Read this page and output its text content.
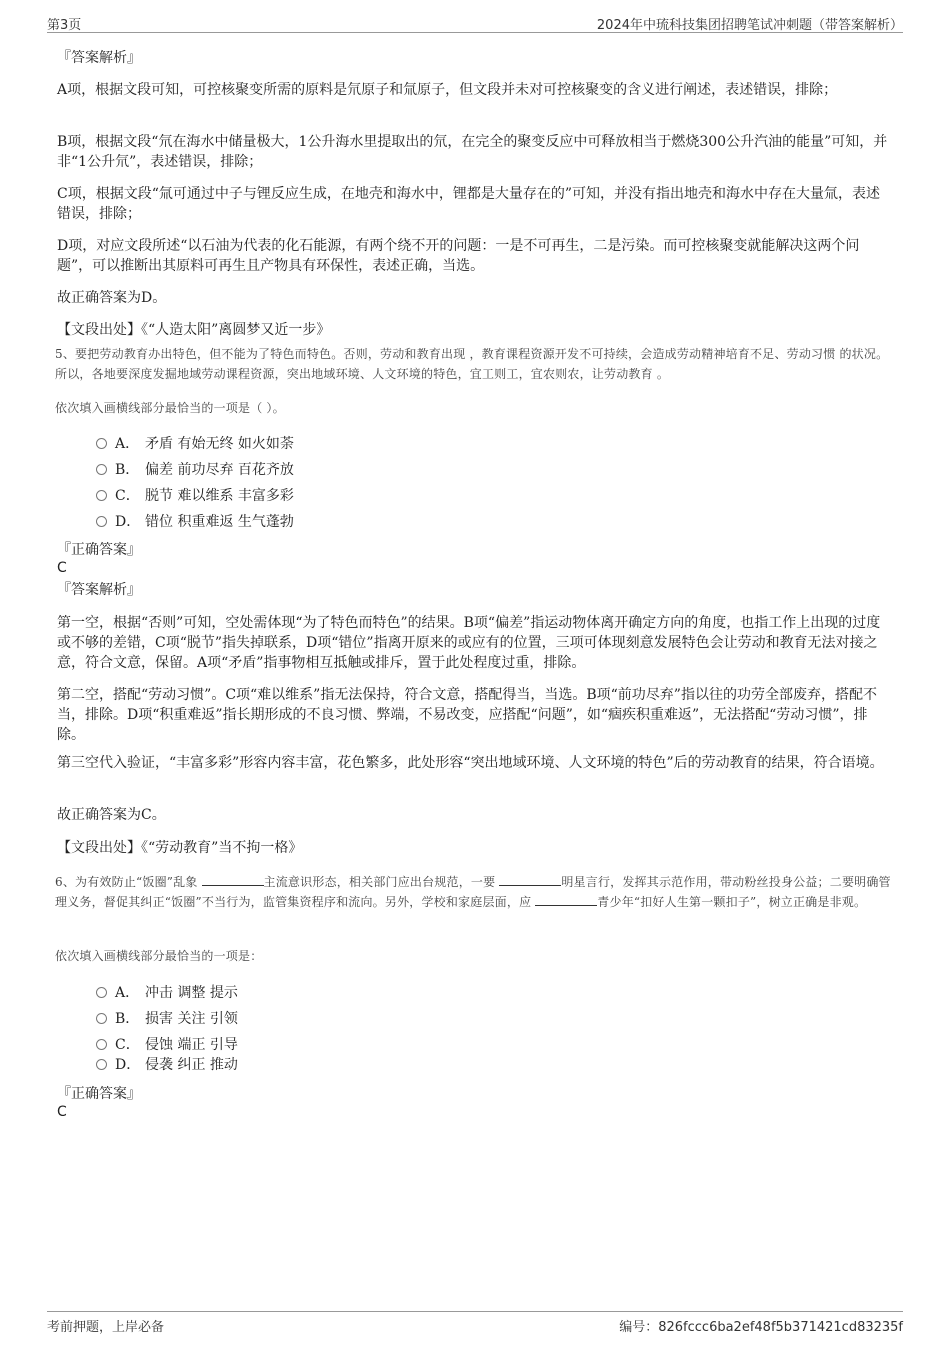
第3页	2024年中琉科技集团招聘笔试冲刺题（带答案解析）
『答案解析』
A项，根据文段可知，可控核聚变所需的原料是氘原子和氚原子，但文段并未对可控核聚变的含义进行阐述，表述错误，排除；
B项，根据文段“氘在海水中储量极大，1公升海水里提取出的氘，在完全的聚变反应中可释放相当于燃烧300公升汽油的能量”可知，并非“1公升氘”，表述错误，排除；
C项，根据文段“氚可通过中子与锂反应生成，在地壳和海水中，锂都是大量存在的”可知，并没有指出地壳和海水中存在大量氚，表述错误，排除；
D项，对应文段所述“以石油为代表的化石能源，有两个绕不开的问题：一是不可再生，二是污染。而可控核聚变就能解决这两个问题”，可以推断出其原料可再生且产物具有环保性，表述正确，当选。
故正确答案为D。
【文段出处】《“人造太阳”离圆梦又近一步》
5、要把劳动教育办出特色，但不能为了特色而特色。否则，劳动和教育出现 ，教育课程资源开发不可持续，会造成劳动精神培育不足、劳动习惯 的状况。所以，各地要深度发掘地域劳动课程资源，突出地域环境、人文环境的特色，宜工则工，宜农则农，让劳动教育 。
依次填入画横线部分最恰当的一项是（ ）。
A． 矛盾 有始无终 如火如荼
B． 偏差 前功尽弃 百花齐放
C． 脱节 难以维系 丰富多彩
D． 错位 积重难返 生气蓬勃
『正确答案』
C
『答案解析』
第一空，根据“否则”可知，空处需体现“为了特色而特色”的结果。B项“偏差”指运动物体离开确定方向的角度，也指工作上出现的过度或不够的差错，C项“脱节”指失掉联系，D项“错位”指离开原来的或应有的位置，三项可体现刻意发展特色会让劳动和教育无法对接之意，符合文意，保留。A项“矛盾”指事物相互抵触或排斥，置于此处程度过重，排除。
第二空，搭配“劳动习惯”。C项“难以维系”指无法保持，符合文意，搭配得当，当选。B项“前功尽弃”指以往的功劳全部废弃，搭配不当，排除。D项“积重难返”指长期形成的不良习惯、弊端，不易改变，应搭配“问题”，如“痼疾积重难返”，无法搭配“劳动习惯”，排除。
第三空代入验证，“丰富多彩”形容内容丰富，花色繁多，此处形容“突出地域环境、人文环境的特色”后的劳动教育的结果，符合语境。
故正确答案为C。
【文段出处】《“劳动教育”当不拘一格》
6、为有效防止“饭圈”乱象	主流意识形态，相关部门应出台规范，一要	明星言行，发挥其示范作用，带动粉丝投身公益；二要明确管理义务，督促其纠正“饭圈”不当行为，监管集资程序和流向。另外，学校和家庭层面，应	青少年“扣好人生第一颗扣子”，树立正确是非观。
依次填入画横线部分最恰当的一项是：
A． 冲击 调整 提示
B． 损害 关注 引领
C． 侵蚀 端正 引导
D． 侵袭 纠正 推动
『正确答案』
C
考前押题，上岸必备	编号：826fccc6ba2ef48f5b371421cd83235f
